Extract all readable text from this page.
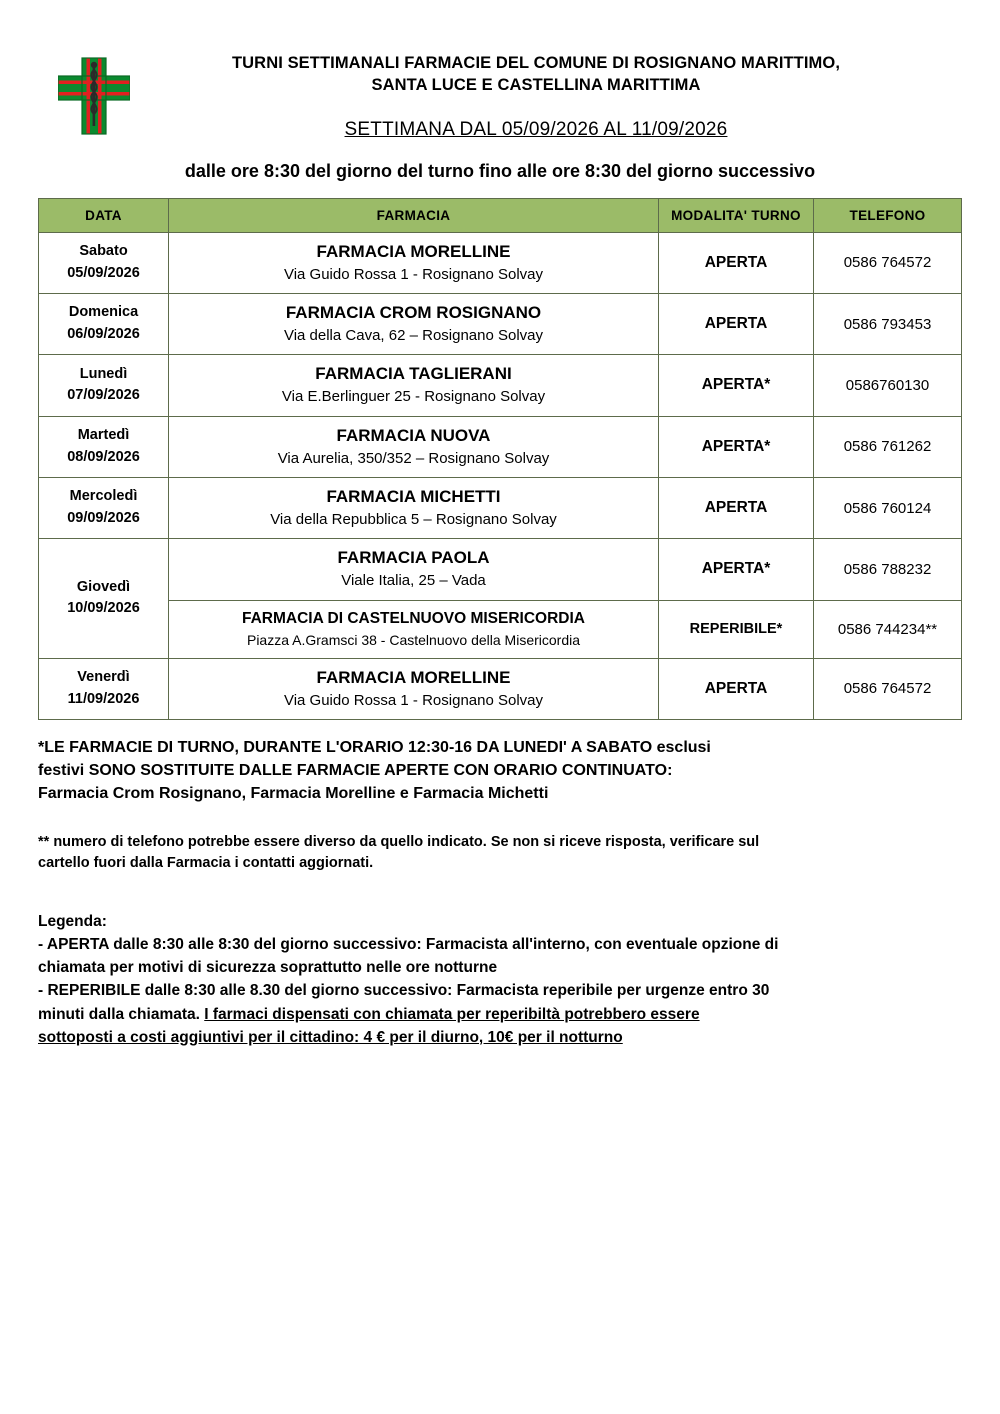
TURNI SETTIMANALI FARMACIE DEL COMUNE DI ROSIGNANO MARITTIMO,
SANTA LUCE E CASTELLINA MARITTIMA
SETTIMANA DAL 05/09/2026 AL 11/09/2026
dalle ore 8:30 del giorno del turno fino alle ore 8:30 del giorno successivo
DATA	FARMACIA	MODALITA' TURNO	TELEFONO

Sabato
05/09/2026

FARMACIA MORELLINE
Via Guido Rossa 1 - Rosignano Solvay
	APERTA	0586 764572

Domenica
06/09/2026

FARMACIA CROM ROSIGNANO
Via della Cava, 62 – Rosignano Solvay
	APERTA	0586 793453

Lunedì
07/09/2026

FARMACIA TAGLIERANI
Via E.Berlinguer 25 - Rosignano Solvay
	APERTA*	0586760130

Martedì
08/09/2026

FARMACIA NUOVA
Via Aurelia, 350/352 – Rosignano Solvay
	APERTA*	0586 761262

Mercoledì
09/09/2026

FARMACIA MICHETTI
Via della Repubblica 5 – Rosignano Solvay
	APERTA	0586 760124

Giovedì
10/09/2026

FARMACIA PAOLA
Viale Italia, 25 – Vada
	APERTA*	0586 788232

	FARMACIA DI CASTELNUOVO MISERICORDIA
Piazza A.Gramsci 38 - Castelnuovo della Misericordia	REPERIBILE*	0586 744234**

Venerdì
11/09/2026

FARMACIA MORELLINE
Via Guido Rossa 1 - Rosignano Solvay
	APERTA	0586 764572
*LE FARMACIE DI TURNO, DURANTE L'ORARIO 12:30-16 DA LUNEDI' A SABATO esclusi
festivi SONO SOSTITUITE DALLE FARMACIE APERTE CON ORARIO CONTINUATO:
Farmacia Crom Rosignano, Farmacia Morelline e Farmacia Michetti
** numero di telefono potrebbe essere diverso da quello indicato. Se non si riceve risposta, verificare sul
cartello fuori dalla Farmacia i contatti aggiornati.
Legenda:
- APERTA dalle 8:30 alle 8:30 del giorno successivo: Farmacista all'interno, con eventuale opzione di
chiamata per motivi di sicurezza soprattutto nelle ore notturne
- REPERIBILE dalle 8:30 alle 8.30 del giorno successivo: Farmacista reperibile per urgenze entro 30
minuti dalla chiamata. I farmaci dispensati con chiamata per reperibiltà potrebbero essere
sottoposti a costi aggiuntivi per il cittadino: 4 € per il diurno, 10€ per il notturno
